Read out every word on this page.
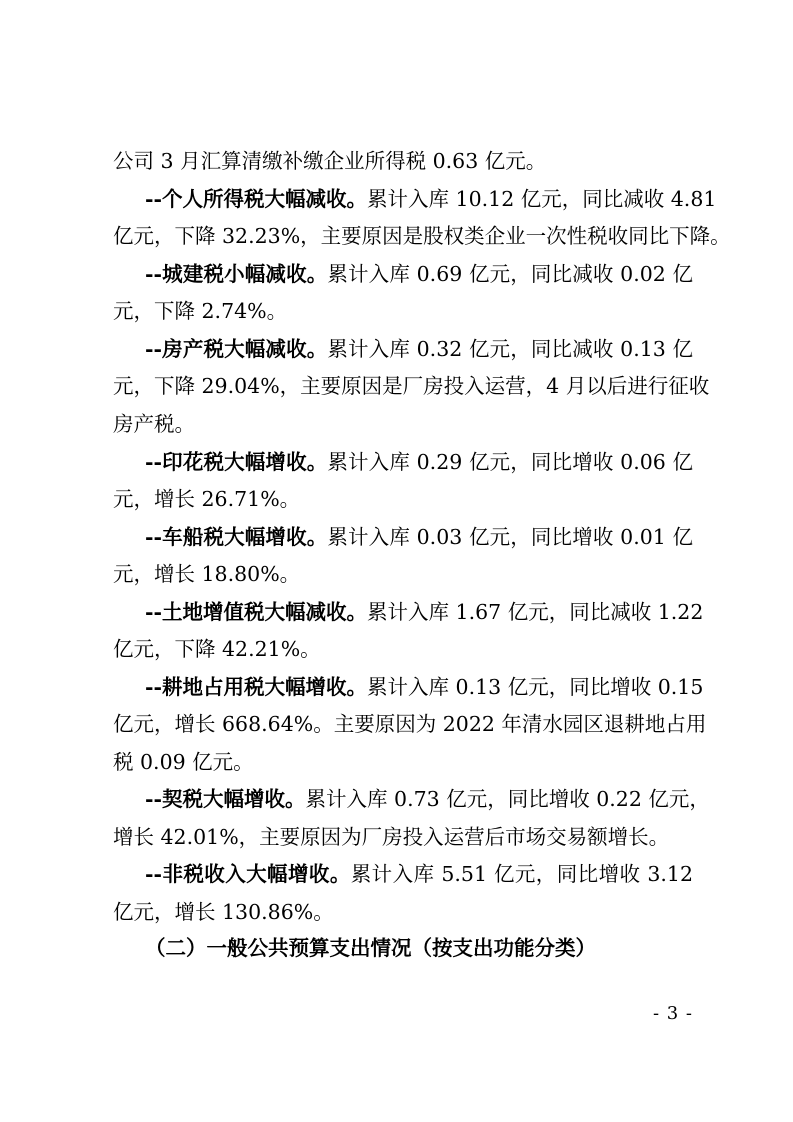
公司 3 月汇算清缴补缴企业所得税 0.63 亿元。
--个人所得税大幅减收。累计入库 10.12 亿元，同比减收 4.81
亿元，下降 32.23%，主要原因是股权类企业一次性税收同比下降。
--城建税小幅减收。累计入库 0.69 亿元，同比减收 0.02 亿
元，下降 2.74%。
--房产税大幅减收。累计入库 0.32 亿元，同比减收 0.13 亿
元，下降 29.04%，主要原因是厂房投入运营，4 月以后进行征收
房产税。
--印花税大幅增收。累计入库 0.29 亿元，同比增收 0.06 亿
元，增长 26.71%。
--车船税大幅增收。累计入库 0.03 亿元，同比增收 0.01 亿
元，增长 18.80%。
--土地增值税大幅减收。累计入库 1.67 亿元，同比减收 1.22
亿元，下降 42.21%。
--耕地占用税大幅增收。累计入库 0.13 亿元，同比增收 0.15
亿元，增长 668.64%。主要原因为 2022 年清水园区退耕地占用
税 0.09 亿元。
--契税大幅增收。累计入库 0.73 亿元，同比增收 0.22 亿元，
增长 42.01%，主要原因为厂房投入运营后市场交易额增长。
--非税收入大幅增收。累计入库 5.51 亿元，同比增收 3.12
亿元，增长 130.86%。
（二）一般公共预算支出情况（按支出功能分类）
- 3 -
